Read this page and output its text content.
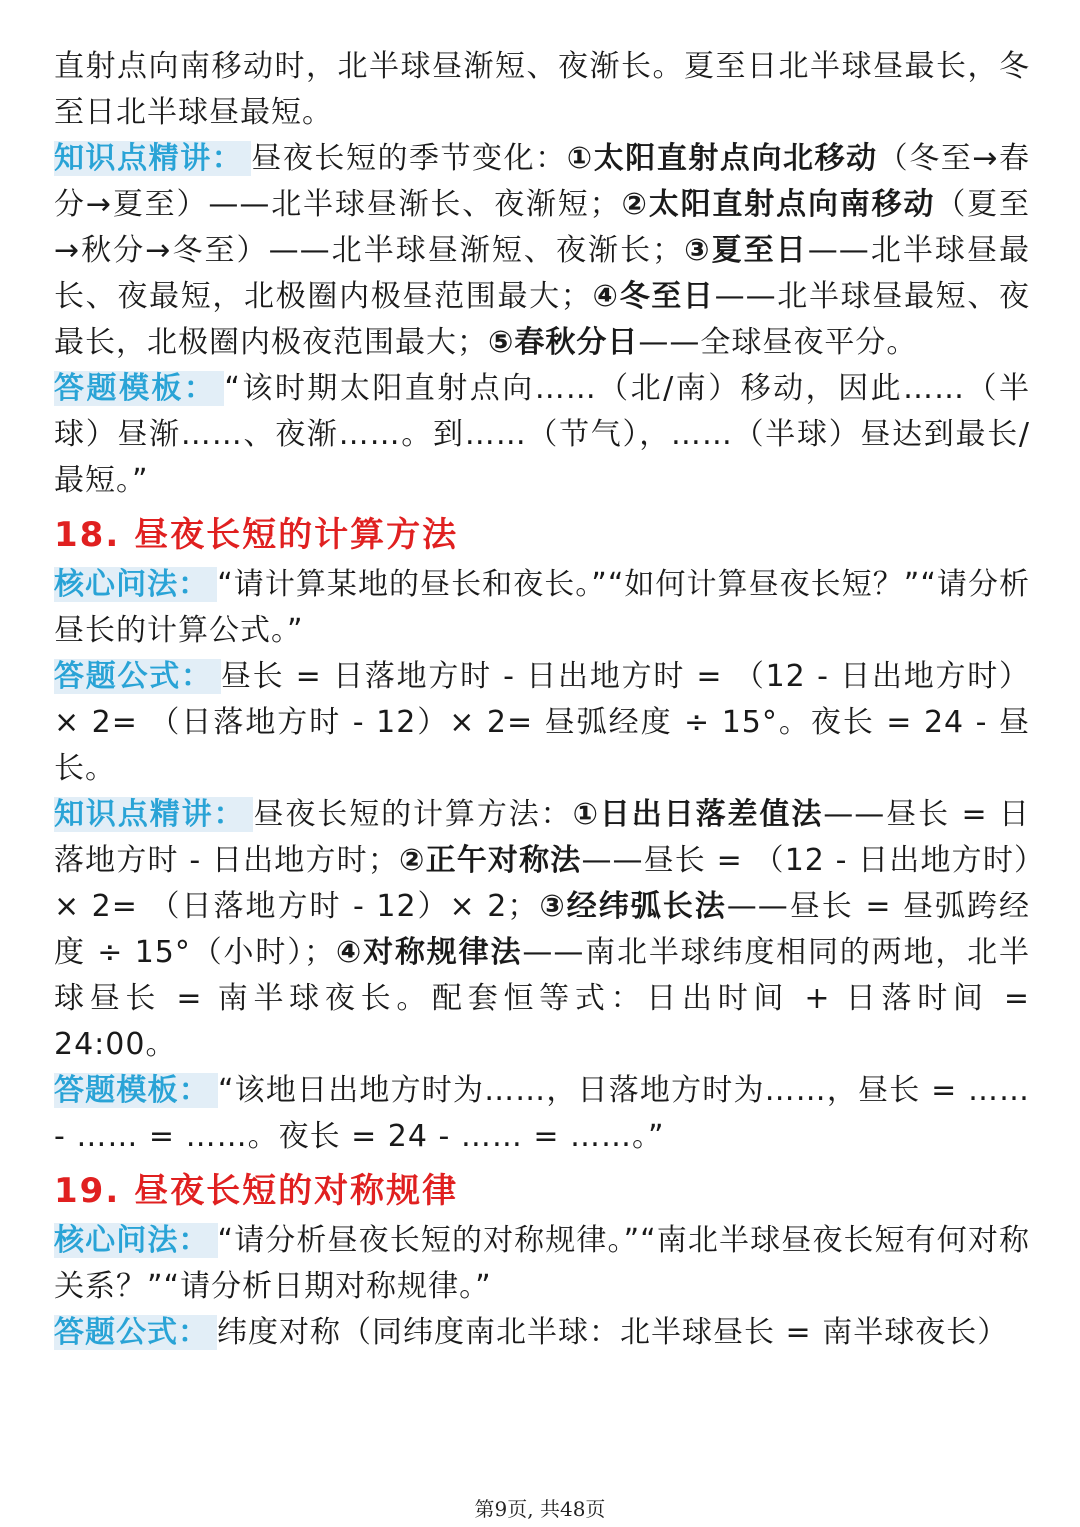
直射点向南移动时，北半球昼渐短、夜渐长。夏至日北半球昼最长，冬至日北半球昼最短。

知识点精讲： 昼夜长短的季节变化：①太阳直射点向北移动（冬至→春分→夏至）——北半球昼渐长、夜渐短；②太阳直射点向南移动（夏至→秋分→冬至）——北半球昼渐短、夜渐长；③夏至日——北半球昼最长、夜最短，北极圈内极昼范围最大；④冬至日——北半球昼最短、夜最长，北极圈内极夜范围最大；⑤春秋分日——全球昼夜平分。

答题模板： “该时期太阳直射点向……（北/南）移动，因此……（半球）昼渐……、夜渐……。到……（节气），……（半球）昼达到最长/最短。”

18. 昼夜长短的计算方法

核心问法： “请计算某地的昼长和夜长。”“如何计算昼夜长短？”“请分析昼长的计算公式。”

答题公式： 昼长 = 日落地方时 - 日出地方时 = （12 - 日出地方时）× 2= （日落地方时 - 12）× 2= 昼弧经度 ÷ 15°。夜长 = 24 - 昼长。

知识点精讲： 昼夜长短的计算方法：①日出日落差值法——昼长 = 日落地方时 - 日出地方时；②正午对称法——昼长 = （12 - 日出地方时）× 2= （日落地方时 - 12）× 2；③经纬弧长法——昼长 = 昼弧跨经度 ÷ 15°（小时）；④对称规律法——南北半球纬度相同的两地，北半球昼长 = 南半球夜长。配套恒等式：日出时间 + 日落时间 = 24:00。

答题模板： “该地日出地方时为……，日落地方时为……，昼长 = …… - …… = ……。夜长 = 24 - …… = ……。”

19. 昼夜长短的对称规律

核心问法： “请分析昼夜长短的对称规律。”“南北半球昼夜长短有何对称关系？”“请分析日期对称规律。”

答题公式： 纬度对称（同纬度南北半球：北半球昼长 = 南半球夜长）

第9页, 共48页
